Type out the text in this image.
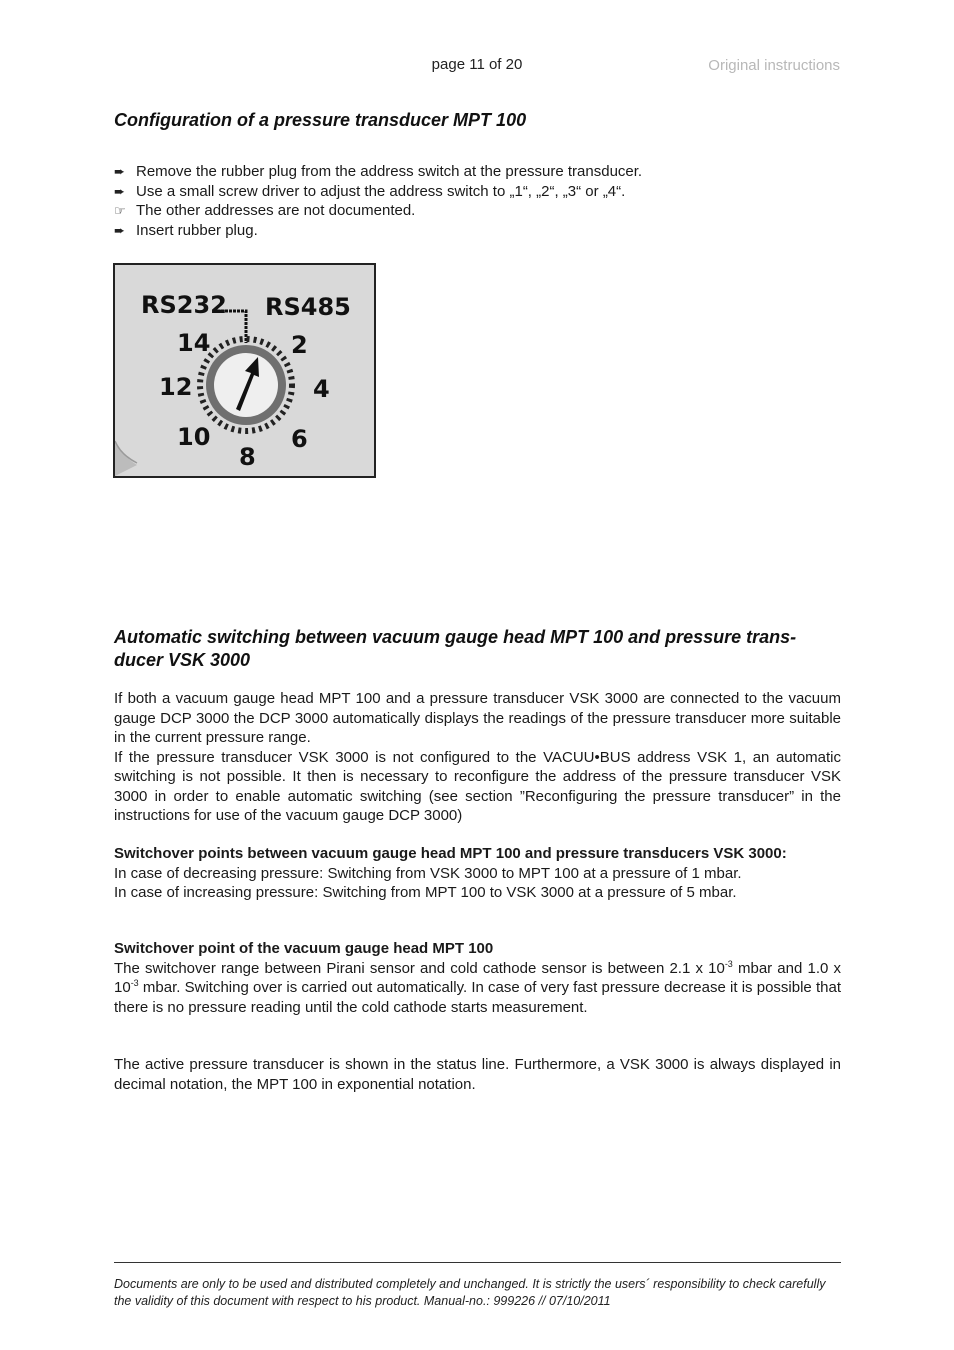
page 11 of 20	Original instructions
Configuration of a pressure transducer MPT 100
➨ Remove the rubber plug from the address switch at the pressure transducer.
➨ Use a small screw driver to adjust the address switch to „1“, „2“, „3“ or „4“.
☞ The other addresses are not documented.
➨ Insert rubber plug.
RS232 RS485
14	2
12	4
10	6
8
Automatic switching between vacuum gauge head MPT 100 and pressure trans-
ducer VSK 3000

If both a vacuum gauge head MPT 100 and a pressure transducer VSK 3000 are connected to the vacuum gauge DCP 3000 the DCP 3000 automatically displays the readings of the pressure transducer more suitable in the current pressure range.

If the pressure transducer VSK 3000 is not configured to the VACUU•BUS address VSK 1, an automatic switching is not possible. It then is necessary to reconfigure the address of the pressure transducer VSK 3000 in order to enable automatic switching (see section ”Reconfiguring the pressure transducer” in the instructions for use of the vacuum gauge DCP 3000)

Switchover points between vacuum gauge head MPT 100 and pressure transducers VSK 3000:

In case of decreasing pressure: Switching from VSK 3000 to MPT 100 at a pressure of 1 mbar.

In case of increasing pressure: Switching from MPT 100 to VSK 3000 at a pressure of 5 mbar.

Switchover point of the vacuum gauge head MPT 100

The switchover range between Pirani sensor and cold cathode sensor is between 2.1 x $10^{-3}$ mbar and 1.0 x $10^{-3}$ mbar. Switching over is carried out automatically. In case of very fast pressure decrease it is possible that there is no pressure reading until the cold cathode starts measurement.

The active pressure transducer is shown in the status line. Furthermore, a VSK 3000 is always displayed in decimal notation, the MPT 100 in exponential notation.

Documents are only to be used and distributed completely and unchanged. It is strictly the users´ responsibility to check carefully the validity of this document with respect to his product. Manual-no.: 999226 // 07/10/2011
